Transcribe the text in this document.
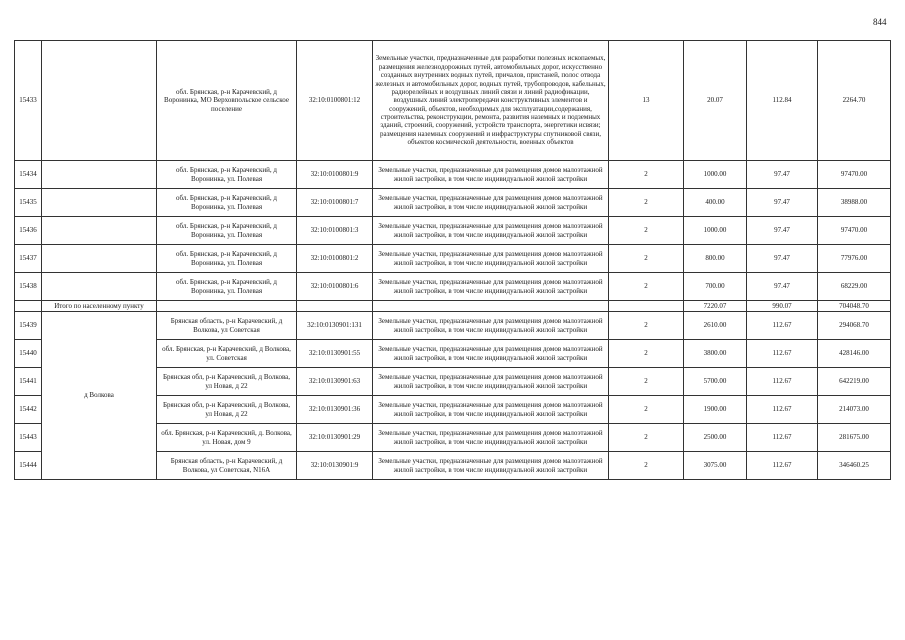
844
15433		обл. Брянская, р-н Карачевский, д Воронинка, МО Верховпольское сельское поселение	32:10:0100801:12	Земельные участки, предназначенные для разработки полезных ископаемых, размещения железнодорожных путей, автомобильных дорог, искусственно созданных внутренних водных путей, причалов, пристаней, полос отвода железных и автомобильных дорог, водных путей, трубопроводов, кабельных, радиорелейных и воздушных линий связи и линий радиофикации, воздушных линий электропередачи конструктивных элементов и сооружений, объектов, необходимых для эксплуатации,содержания, строительства, реконструкции, ремонта, развития наземных и подземных зданий, строений, сооружений, устройств транспорта, энергетики исвязи; размещения наземных сооружений и инфраструктуры спутниковой связи, объектов космической деятельности, военных объектов	13	20.07	112.84	2264.70
15434		обл. Брянская, р-н Карачевский, д Воронинка, ул. Полевая	32:10:0100801:9	Земельные участки, предназначенные для размещения домов малоэтажной жилой застройки, в том числе индивидуальной жилой застройки	2	1000.00	97.47	97470.00
15435		обл. Брянская, р-н Карачевский, д Воронинка, ул. Полевая	32:10:0100801:7	Земельные участки, предназначенные для размещения домов малоэтажной жилой застройки, в том числе индивидуальной жилой застройки	2	400.00	97.47	38988.00
15436		обл. Брянская, р-н Карачевский, д Воронинка, ул. Полевая	32:10:0100801:3	Земельные участки, предназначенные для размещения домов малоэтажной жилой застройки, в том числе индивидуальной жилой застройки	2	1000.00	97.47	97470.00
15437		обл. Брянская, р-н Карачевский, д Воронинка, ул. Полевая	32:10:0100801:2	Земельные участки, предназначенные для размещения домов малоэтажной жилой застройки, в том числе индивидуальной жилой застройки	2	800.00	97.47	77976.00
15438		обл. Брянская, р-н Карачевский, д Воронинка, ул. Полевая	32:10:0100801:6	Земельные участки, предназначенные для размещения домов малоэтажной жилой застройки, в том числе индивидуальной жилой застройки	2	700.00	97.47	68229.00
	Итого по населенному пункту					7220.07	990.07	704048.70
15439	д Волкова	Брянская область, р-н Карачевский, д Волкова, ул Советская	32:10:0130901:131	Земельные участки, предназначенные для размещения домов малоэтажной жилой застройки, в том числе индивидуальной жилой застройки	2	2610.00	112.67	294068.70
15440		обл. Брянская, р-н Карачевский, д Волкова, ул. Советская	32:10:0130901:55	Земельные участки, предназначенные для размещения домов малоэтажной жилой застройки, в том числе индивидуальной жилой застройки	2	3800.00	112.67	428146.00
15441		Брянская обл, р-н Карачевский, д Волкова, ул Новая, д 22	32:10:0130901:63	Земельные участки, предназначенные для размещения домов малоэтажной жилой застройки, в том числе индивидуальной жилой застройки	2	5700.00	112.67	642219.00
15442		Брянская обл, р-н Карачевский, д Волкова, ул Новая, д 22	32:10:0130901:36	Земельные участки, предназначенные для размещения домов малоэтажной жилой застройки, в том числе индивидуальной жилой застройки	2	1900.00	112.67	214073.00
15443		обл. Брянская, р-н Карачевский, д. Волкова, ул. Новая, дом 9	32:10:0130901:29	Земельные участки, предназначенные для размещения домов малоэтажной жилой застройки, в том числе индивидуальной жилой застройки	2	2500.00	112.67	281675.00
15444		Брянская область, р-н Карачевский, д Волкова, ул Советская, N16А	32:10:0130901:9	Земельные участки, предназначенные для размещения домов малоэтажной жилой застройки, в том числе индивидуальной жилой застройки	2	3075.00	112.67	346460.25
